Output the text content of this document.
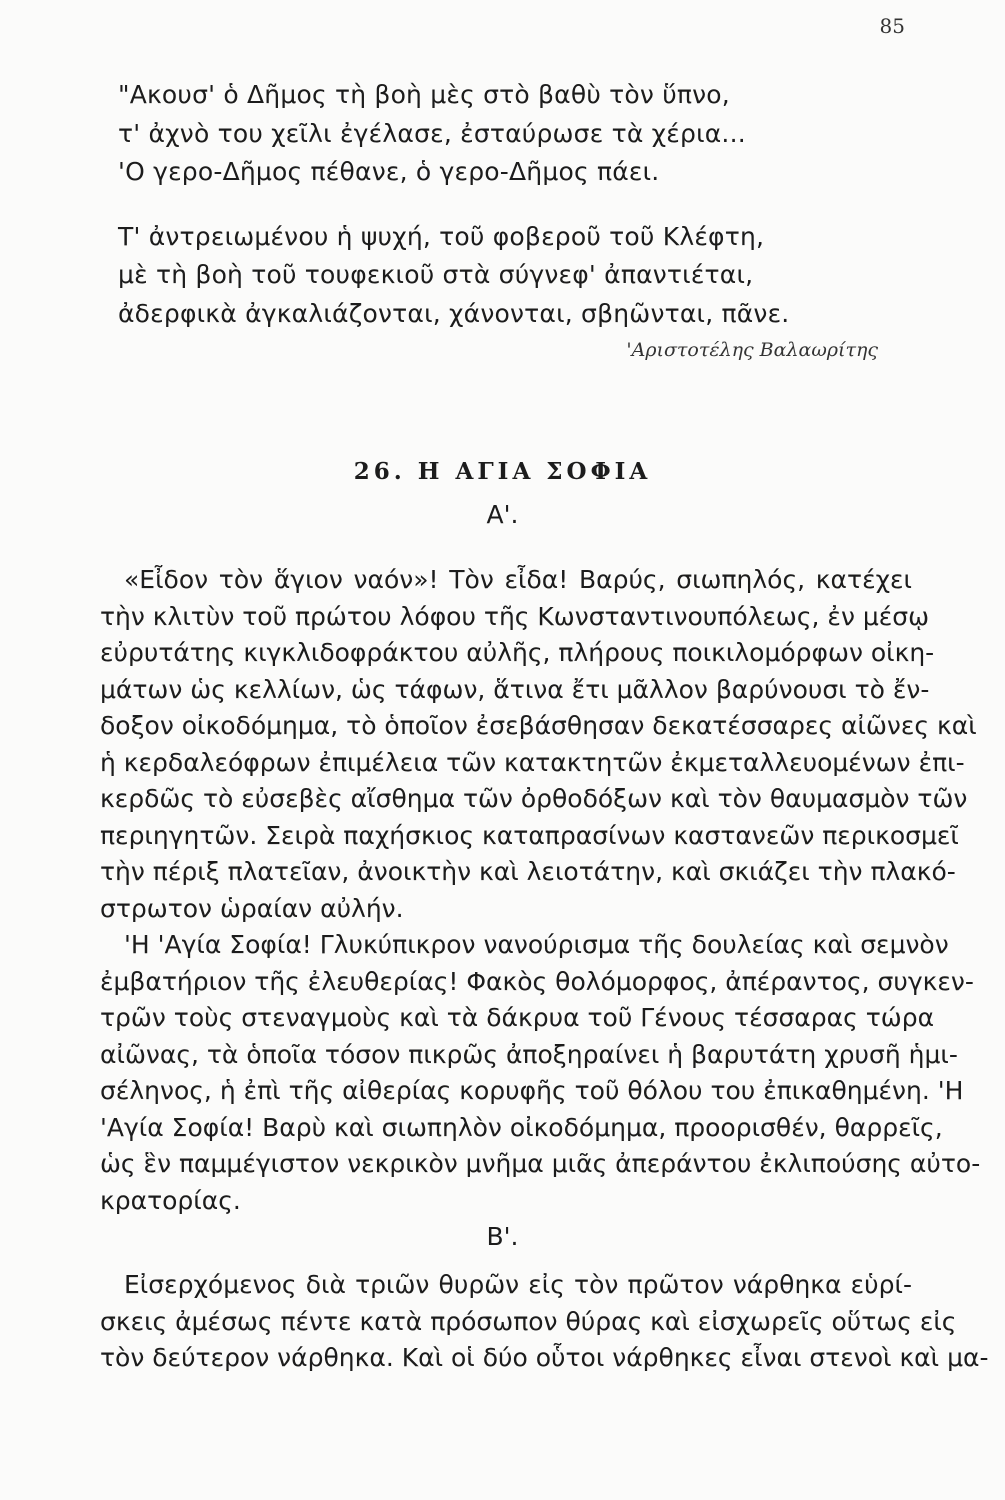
85
"Ακουσ' ὁ Δῆμος τὴ βοὴ μὲς στὸ βαθὺ τὸν ὕπνο,
τ' ἀχνὸ του χεῖλι ἐγέλασε, ἐσταύρωσε τὰ χέρια...
'Ο γερο-Δῆμος πέθανε, ὁ γερο-Δῆμος πάει.
Τ' ἀντρειωμένου ἡ ψυχή, τοῦ φοβεροῦ τοῦ Κλέφτη,
μὲ τὴ βοὴ τοῦ τουφεκιοῦ στὰ σύγνεφ' ἀπαντιέται,
ἀδερφικὰ ἀγκαλιάζονται, χάνονται, σβηῶνται, πᾶνε.
'Αριστοτέλης Βαλαωρίτης
26. Η ΑΓΙΑ ΣΟΦΙΑ
Α'.
«Εἶδον τὸν ἅγιον ναόν»! Τὸν εἶδα! Βαρύς, σιωπηλός, κατέχει
τὴν κλιτὺν τοῦ πρώτου λόφου τῆς Κωνσταντινουπόλεως, ἐν μέσῳ
εὐρυτάτης κιγκλιδοφράκτου αὐλῆς, πλήρους ποικιλομόρφων οἰκη-
μάτων ὡς κελλίων, ὡς τάφων, ἅτινα ἔτι μᾶλλον βαρύνουσι τὸ ἔν-
δοξον οἰκοδόμημα, τὸ ὁποῖον ἐσεβάσθησαν δεκατέσσαρες αἰῶνες καὶ
ἡ κερδαλεόφρων ἐπιμέλεια τῶν κατακτητῶν ἐκμεταλλευομένων ἐπι-
κερδῶς τὸ εὐσεβὲς αἴσθημα τῶν ὀρθοδόξων καὶ τὸν θαυμασμὸν τῶν
περιηγητῶν. Σειρὰ παχήσκιος καταπρασίνων καστανεῶν περικοσμεῖ
τὴν πέριξ πλατεῖαν, ἀνοικτὴν καὶ λειοτάτην, καὶ σκιάζει τὴν πλακό-
στρωτον ὡραίαν αὐλήν.
'Η 'Αγία Σοφία! Γλυκύπικρον νανούρισμα τῆς δουλείας καὶ σεμνὸν
ἐμβατήριον τῆς ἐλευθερίας! Φακὸς θολόμορφος, ἀπέραντος, συγκεν-
τρῶν τοὺς στεναγμοὺς καὶ τὰ δάκρυα τοῦ Γένους τέσσαρας τώρα
αἰῶνας, τὰ ὁποῖα τόσον πικρῶς ἀποξηραίνει ἡ βαρυτάτη χρυσῆ ἡμι-
σέληνος, ἡ ἐπὶ τῆς αἰθερίας κορυφῆς τοῦ θόλου του ἐπικαθημένη. 'Η
'Αγία Σοφία! Βαρὺ καὶ σιωπηλὸν οἰκοδόμημα, προορισθέν, θαρρεῖς,
ὡς ἓν παμμέγιστον νεκρικὸν μνῆμα μιᾶς ἀπεράντου ἐκλιπούσης αὐτο-
κρατορίας.
Β'.
Εἰσερχόμενος διὰ τριῶν θυρῶν εἰς τὸν πρῶτον νάρθηκα εὑρί-
σκεις ἀμέσως πέντε κατὰ πρόσωπον θύρας καὶ εἰσχωρεῖς οὕτως εἰς
τὸν δεύτερον νάρθηκα. Καὶ οἱ δύο οὗτοι νάρθηκες εἶναι στενοὶ καὶ μα-
